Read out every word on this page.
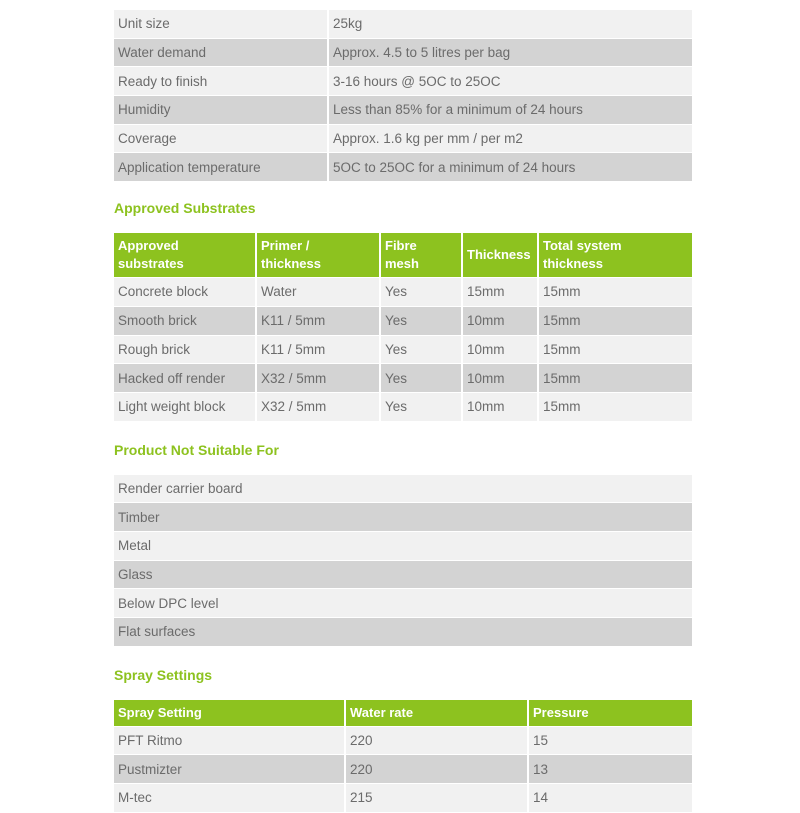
Unit size	25kg
Water demand	Approx. 4.5 to 5 litres per bag
Ready to finish	3-16 hours @ 5OC to 25OC
Humidity	Less than 85% for a minimum of 24 hours
Coverage	Approx. 1.6 kg per mm / per m2
Application temperature	5OC to 25OC for a minimum of 24 hours
Approved Substrates
Approved substrates	Primer / thickness	Fibre mesh	Thickness	Total system thickness

Concrete block	Water	Yes	15mm	15mm
Smooth brick	K11 / 5mm	Yes	10mm	15mm
Rough brick	K11 / 5mm	Yes	10mm	15mm
Hacked off render	X32 / 5mm	Yes	10mm	15mm
Light weight block	X32 / 5mm	Yes	10mm	15mm
Product Not Suitable For
Render carrier board
Timber
Metal
Glass
Below DPC level
Flat surfaces
Spray Settings
Spray Setting	Water rate	Pressure
PFT Ritmo	220	15
Pustmizter	220	13
M-tec	215	14
